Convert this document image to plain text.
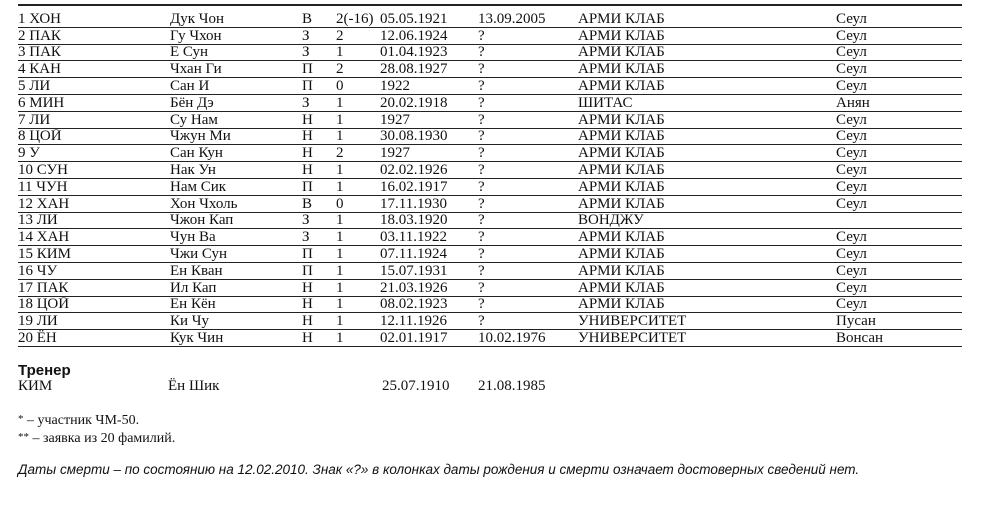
1 ХОН	Дук Чон	В	2(-16)	05.05.1921	13.09.2005	АРМИ КЛАБ	Сеул
2 ПАК	Гу Чхон	З	2	12.06.1924	?	АРМИ КЛАБ	Сеул
3 ПАК	Е Сун	З	1	01.04.1923	?	АРМИ КЛАБ	Сеул
4 КАН	Чхан Ги	П	2	28.08.1927	?	АРМИ КЛАБ	Сеул
5 ЛИ	Сан И	П	0	1922	?	АРМИ КЛАБ	Сеул
6 МИН	Бён Дэ	З	1	20.02.1918	?	ШИТАС	Анян
7 ЛИ	Су Нам	Н	1	1927	?	АРМИ КЛАБ	Сеул
8 ЦОЙ	Чжун Ми	Н	1	30.08.1930	?	АРМИ КЛАБ	Сеул
9 У	Сан Кун	Н	2	1927	?	АРМИ КЛАБ	Сеул
10 СУН	Нак Ун	Н	1	02.02.1926	?	АРМИ КЛАБ	Сеул
11 ЧУН	Нам Сик	П	1	16.02.1917	?	АРМИ КЛАБ	Сеул
12 ХАН	Хон Чхоль	В	0	17.11.1930	?	АРМИ КЛАБ	Сеул
13 ЛИ	Чжон Кап	З	1	18.03.1920	?	ВОНДЖУ	
14 ХАН	Чун Ва	З	1	03.11.1922	?	АРМИ КЛАБ	Сеул
15 КИМ	Чжи Сун	П	1	07.11.1924	?	АРМИ КЛАБ	Сеул
16 ЧУ	Ен Кван	П	1	15.07.1931	?	АРМИ КЛАБ	Сеул
17 ПАК	Ил Кап	Н	1	21.03.1926	?	АРМИ КЛАБ	Сеул
18 ЦОЙ	Ен Кён	Н	1	08.02.1923	?	АРМИ КЛАБ	Сеул
19 ЛИ	Ки Чу	Н	1	12.11.1926	?	УНИВЕРСИТЕТ	Пусан
20 ЁН	Кук Чин	Н	1	02.01.1917	10.02.1976	УНИВЕРСИТЕТ	Вонсан
Тренер
КИМ	Ён Шик	25.07.1910 21.08.1985
* – участник ЧМ-50.
** – заявка из 20 фамилий.
Даты смерти – по состоянию на 12.02.2010. Знак «?» в колонках даты рождения и смерти означает достоверных сведений нет.
